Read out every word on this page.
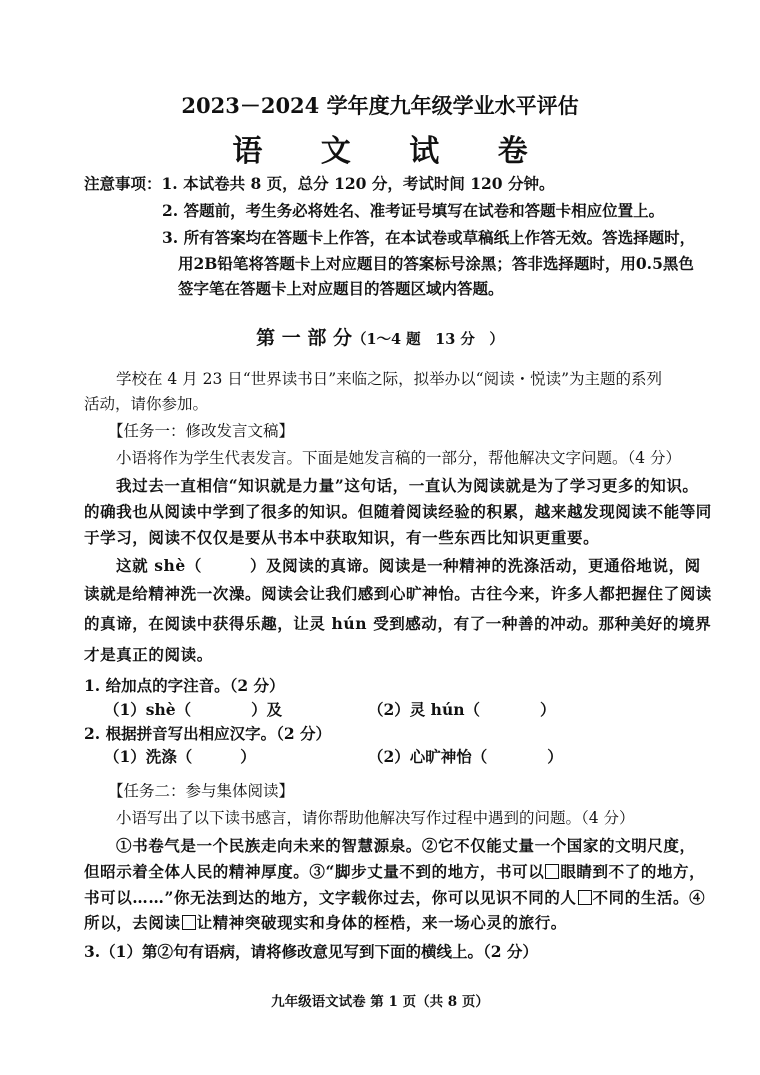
2023－2024 学年度九年级学业水平评估
语 文 试 卷
注意事项：1. 本试卷共 8 页，总分 120 分，考试时间 120 分钟。
2. 答题前，考生务必将姓名、准考证号填写在试卷和答题卡相应位置上。
3. 所有答案均在答题卡上作答，在本试卷或草稿纸上作答无效。答选择题时，
用2B铅笔将答题卡上对应题目的答案标号涂黑；答非选择题时，用0.5黑色
签字笔在答题卡上对应题目的答题区域内答题。
第 一 部 分（1～4 题　13 分　）
学校在 4 月 23 日“世界读书日”来临之际，拟举办以“阅读・悦读”为主题的系列
活动，请你参加。
【任务一：修改发言文稿】
小语将作为学生代表发言。下面是她发言稿的一部分，帮他解决文字问题。（4 分）
我过去一直相信“知识就是力量”这句话，一直认为阅读就是为了学习更多的知识。
的确我也从阅读中学到了很多的知识。但随着阅读经验的积累，越来越发现阅读不能等同
于学习，阅读不仅仅是要从书本中获取知识，有一些东西比知识更重要。
这就 shè（	）及阅读的真谛。阅读是一种精神的洗涤活动，更通俗地说，阅
读就是给精神洗一次澡。阅读会让我们感到心旷神怡。古往今来，许多人都把握住了阅读
的真谛，在阅读中获得乐趣，让灵 hún 受到感动，有了一种善的冲动。那种美好的境界
才是真正的阅读。
1. 给加点的字注音。（2 分）
（1）shè（	）及	（2）灵 hún（	）
2. 根据拼音写出相应汉字。（2 分）
（1）洗涤（	）	（2）心旷神怡（	）
【任务二：参与集体阅读】
小语写出了以下读书感言，请你帮助他解决写作过程中遇到的问题。（4 分）
①书卷气是一个民族走向未来的智慧源泉。②它不仅能丈量一个国家的文明尺度，
但昭示着全体人民的精神厚度。③“脚步丈量不到的地方，书可以 眼睛到不了的地方，
书可以……”你无法到达的地方，文字载你过去，你可以见识不同的人 不同的生活。④
所以，去阅读 让精神突破现实和身体的桎梏，来一场心灵的旅行。
3.（1）第②句有语病，请将修改意见写到下面的横线上。（2 分）
九年级语文试卷 第 1 页（共 8 页）
